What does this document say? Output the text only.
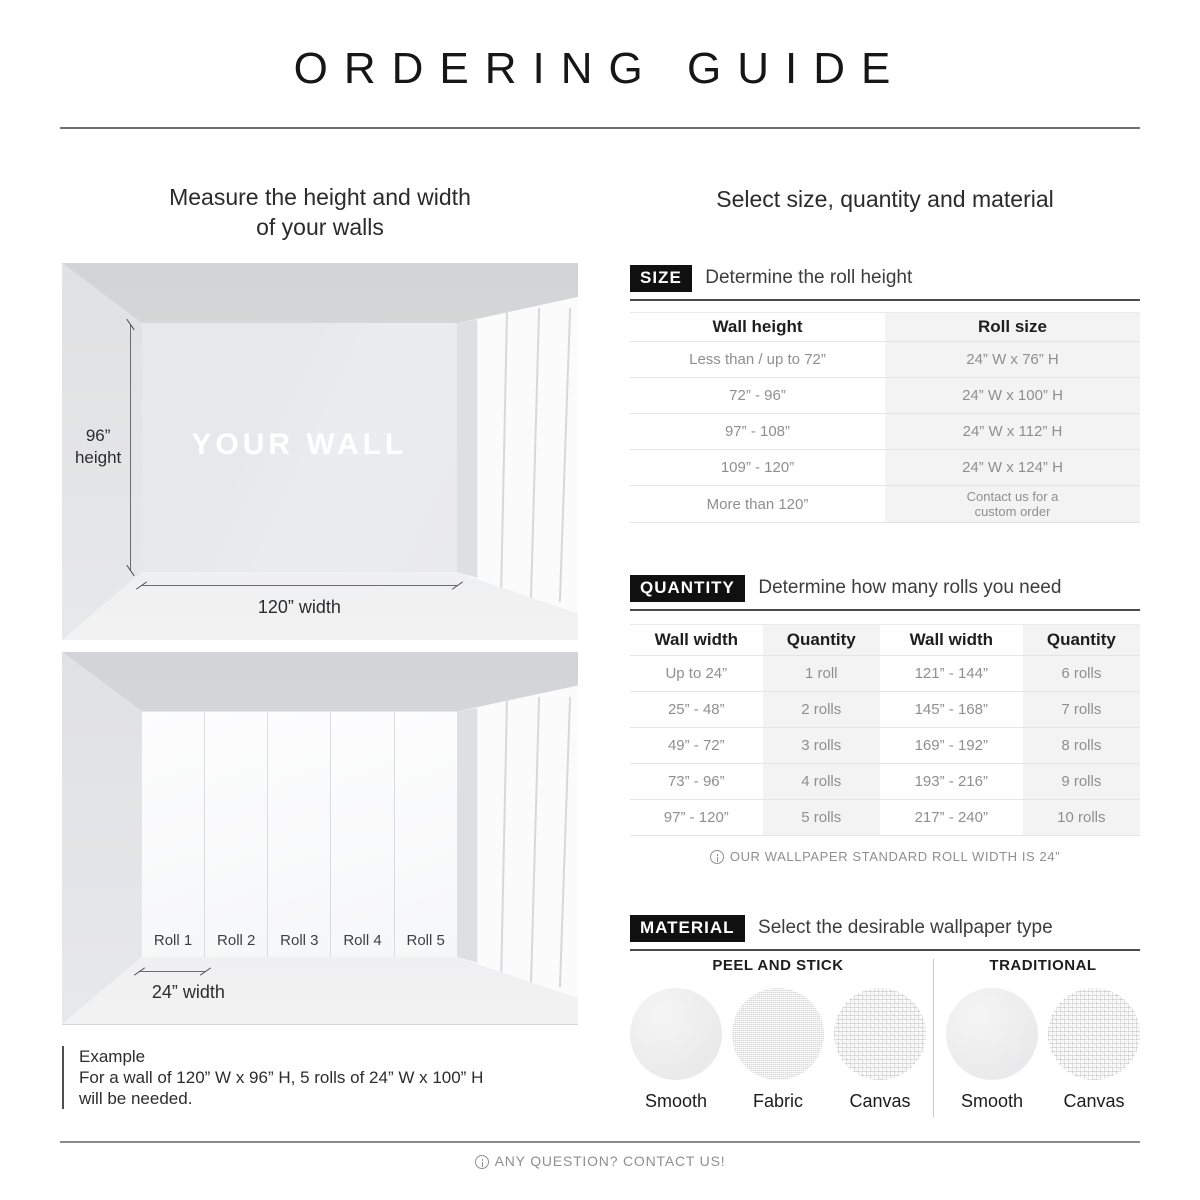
ORDERING GUIDE
Measure the height and width
of your walls
Select size, quantity and material
YOUR WALL
96”
height
120” width
Roll 1	Roll 2	Roll 3	Roll 4	Roll 5
24” width
Example
For a wall of 120” W x 96” H, 5 rolls of 24” W x 100” H
will be needed.
SIZE Determine the roll height
Wall height	Roll size
Less than / up to 72”	24” W x 76” H
72” - 96”	24” W x 100” H
97” - 108”	24” W x 112” H
109” - 120”	24” W x 124” H
More than 120”	Contact us for a
custom order
QUANTITY Determine how many rolls you need
Wall width	Quantity	Wall width	Quantity
Up to 24”	1 roll	121” - 144”	6 rolls
25” - 48”	2 rolls	145” - 168”	7 rolls
49” - 72”	3 rolls	169” - 192”	8 rolls
73” - 96”	4 rolls	193” - 216”	9 rolls
97” - 120”	5 rolls	217” - 240”	10 rolls
OUR WALLPAPER STANDARD ROLL WIDTH IS 24”
MATERIAL Select the desirable wallpaper type
PEEL AND STICK
Smooth	Fabric	Canvas
TRADITIONAL
Smooth	Canvas
ANY QUESTION? CONTACT US!
